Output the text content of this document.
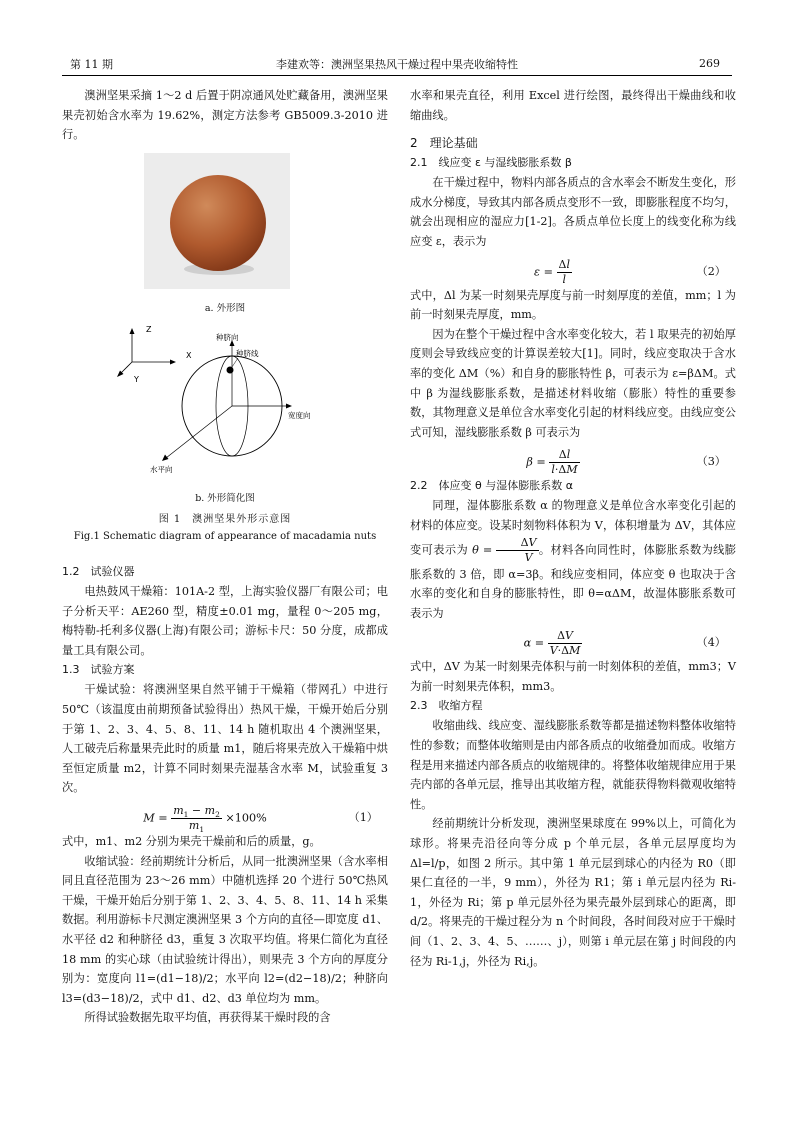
第 11 期	李建欢等：澳洲坚果热风干燥过程中果壳收缩特性	269

澳洲坚果采摘 1～2 d 后置于阴凉通风处贮藏备用，澳洲坚果果壳初始含水率为 19.62%，测定方法参考 GB5009.3-2010 进行。

a. 外形图
Z
Y
X
种脐向
种脐线
宽度向
水平向
b. 外形简化图
图 1　澳洲坚果外形示意图
Fig.1 Schematic diagram of appearance of macadamia nuts

1.2　试验仪器

电热鼓风干燥箱：101A-2 型，上海实验仪器厂有限公司；电子分析天平：AE260 型，精度±0.01 mg，量程 0～205 mg，梅特勒-托利多仪器(上海)有限公司；游标卡尺：50 分度，成都成量工具有限公司。

1.3　试验方案

干燥试验：将澳洲坚果自然平铺于干燥箱（带网孔）中进行 50℃（该温度由前期预备试验得出）热风干燥，干燥开始后分别于第 1、2、3、4、5、8、11、14 h 随机取出 4 个澳洲坚果，人工破壳后称量果壳此时的质量 m1，随后将果壳放入干燥箱中烘至恒定质量 m2，计算不同时刻果壳湿基含水率 M，试验重复 3 次。

$M = \frac{m_1 - m_2}{m_1} \times 100\%$	（1）

式中，m1、m2 分别为果壳干燥前和后的质量，g。

收缩试验：经前期统计分析后，从同一批澳洲坚果（含水率相同且直径范围为 23～26 mm）中随机选择 20 个进行 50℃热风干燥，干燥开始后分别于第 1、2、3、4、5、8、11、14 h 采集数据。利用游标卡尺测定澳洲坚果 3 个方向的直径—即宽度 d1、水平径 d2 和种脐径 d3，重复 3 次取平均值。将果仁简化为直径 18 mm 的实心球（由试验统计得出），则果壳 3 个方向的厚度分别为：宽度向 l1=(d1−18)/2；水平向 l2=(d2−18)/2；种脐向 l3=(d3−18)/2，式中 d1、d2、d3 单位均为 mm。

所得试验数据先取平均值，再获得某干燥时段的含

水率和果壳直径，利用 Excel 进行绘图，最终得出干燥曲线和收缩曲线。

2　理论基础

2.1　线应变 ε 与湿线膨胀系数 β

在干燥过程中，物料内部各质点的含水率会不断发生变化，形成水分梯度，导致其内部各质点变形不一致，即膨胀程度不均匀，就会出现相应的湿应力[1-2]。各质点单位长度上的线变化称为线应变 ε，表示为

$\varepsilon = \frac{\Delta l}{l}$	（2）

式中，Δl 为某一时刻果壳厚度与前一时刻厚度的差值，mm；l 为前一时刻果壳厚度，mm。

因为在整个干燥过程中含水率变化较大，若 l 取果壳的初始厚度则会导致线应变的计算误差较大[1]。同时，线应变取决于含水率的变化 ΔM（%）和自身的膨胀特性 β，可表示为 ε=βΔM。式中 β 为湿线膨胀系数，是描述材料收缩（膨胀）特性的重要参数，其物理意义是单位含水率变化引起的材料线应变。由线应变公式可知，湿线膨胀系数 β 可表示为

$\beta = \frac{\Delta l}{l\cdot\Delta M}$	（3）

2.2　体应变 θ 与湿体膨胀系数 α

同理，湿体膨胀系数 α 的物理意义是单位含水率变化引起的材料的体应变。设某时刻物料体积为 V，体积增量为 ΔV，其体应变可表示为 $\theta = \frac{\Delta V}{V}$ 。材料各向同性时，体膨胀系数为线膨胀系数的 3 倍，即 α=3β。和线应变相同，体应变 θ 也取决于含水率的变化和自身的膨胀特性，即 θ=αΔM，故湿体膨胀系数可表示为

$\alpha = \frac{\Delta V}{V\cdot\Delta M}$	（4）

式中，ΔV 为某一时刻果壳体积与前一时刻体积的差值，mm3；V 为前一时刻果壳体积，mm3。

2.3　收缩方程

收缩曲线、线应变、湿线膨胀系数等都是描述物料整体收缩特性的参数；而整体收缩则是由内部各质点的收缩叠加而成。收缩方程是用来描述内部各质点的收缩规律的。将整体收缩规律应用于果壳内部的各单元层，推导出其收缩方程，就能获得物料微观收缩特性。

经前期统计分析发现，澳洲坚果球度在 99%以上，可简化为球形。将果壳沿径向等分成 p 个单元层，各单元层厚度均为 Δl=l/p，如图 2 所示。其中第 1 单元层到球心的内径为 R0（即果仁直径的一半，9 mm），外径为 R1；第 i 单元层内径为 Ri-1，外径为 Ri；第 p 单元层外径为果壳最外层到球心的距离，即 d/2。将果壳的干燥过程分为 n 个时间段，各时间段对应于干燥时间（1、2、3、4、5、……、j），则第 i 单元层在第 j 时间段的内径为 Ri-1,j，外径为 Ri,j。
